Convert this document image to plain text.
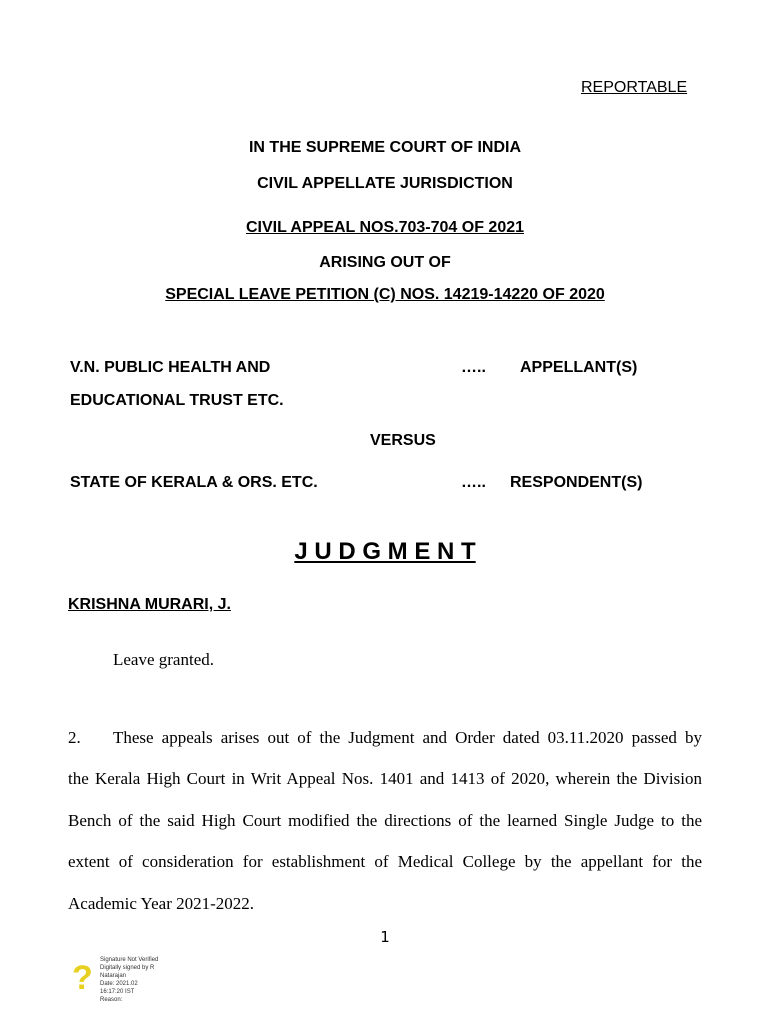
REPORTABLE
IN THE SUPREME COURT OF INDIA
CIVIL APPELLATE JURISDICTION
CIVIL APPEAL NOS.703-704 OF 2021
ARISING OUT OF
SPECIAL LEAVE PETITION (C) NOS. 14219-14220 OF 2020
V.N. PUBLIC HEALTH AND
EDUCATIONAL TRUST ETC.
….. APPELLANT(S)
VERSUS
STATE OF KERALA & ORS. ETC.	….. RESPONDENT(S)
J U D G M E N T
KRISHNA MURARI, J.
Leave granted.
2. These appeals arises out of the Judgment and Order dated 03.11.2020 passed by
the Kerala High Court in Writ Appeal Nos. 1401 and 1413 of 2020, wherein the Division
Bench of the said High Court modified the directions of the learned Single Judge to the
extent of consideration for establishment of Medical College by the appellant for the
Academic Year 2021-2022.
1
? Signature Not Verified
Digitally signed by R
Natarajan
Date: 2021.02
16:17:20 IST
Reason:
